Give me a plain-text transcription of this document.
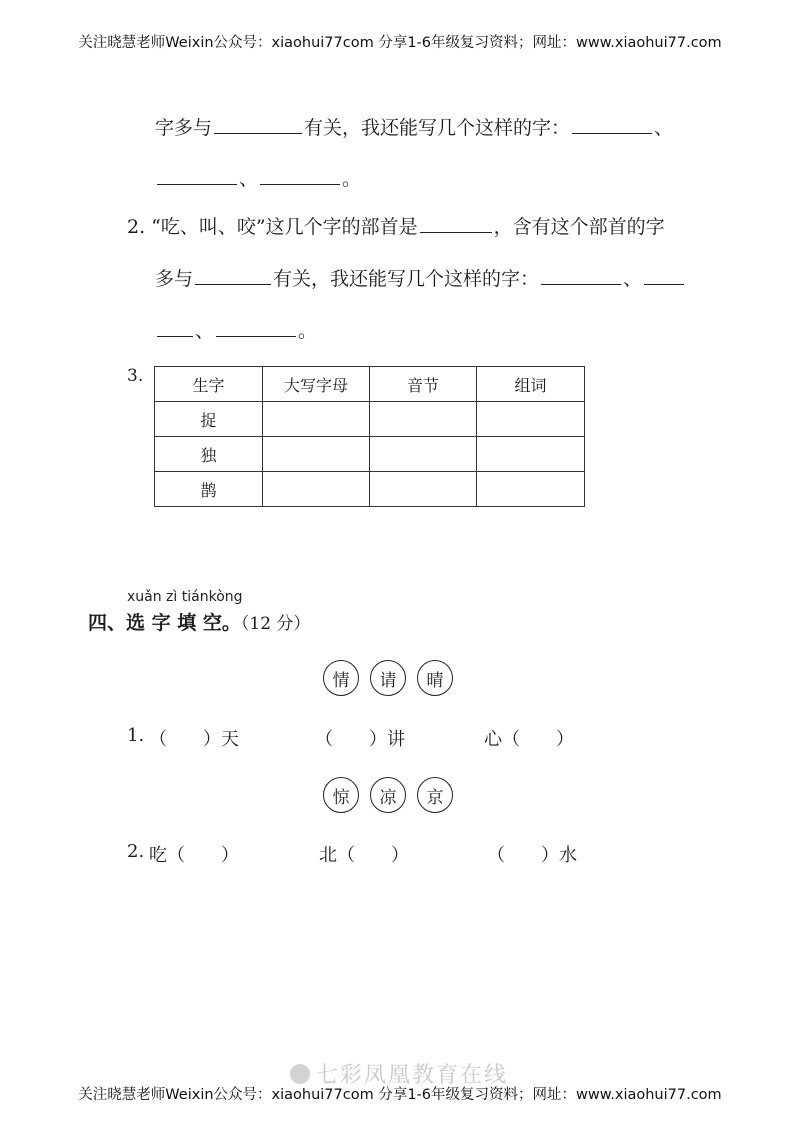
关注晓慧老师Weixin公众号：xiaohui77com 分享1-6年级复习资料；网址：www.xiaohui77.com
字多与	有关，我还能写几个这样的字：	、
、	。
2. “吃、叫、咬”这几个字的部首是	，含有这个部首的字
多与	有关，我还能写几个这样的字：	、
、	。
3.	生字	大写字母	音节	组词
捉			
独			
鹊			
xuǎn zì tiánkòng
四、选 字 填 空。（12 分）
情	请	晴
1. （　　）天	（　　）讲	心（　　）
惊	凉	京
2. 吃（　　）	北（　　）	（　　）水
七彩凤凰教育在线
关注晓慧老师Weixin公众号：xiaohui77com 分享1-6年级复习资料；网址：www.xiaohui77.com
